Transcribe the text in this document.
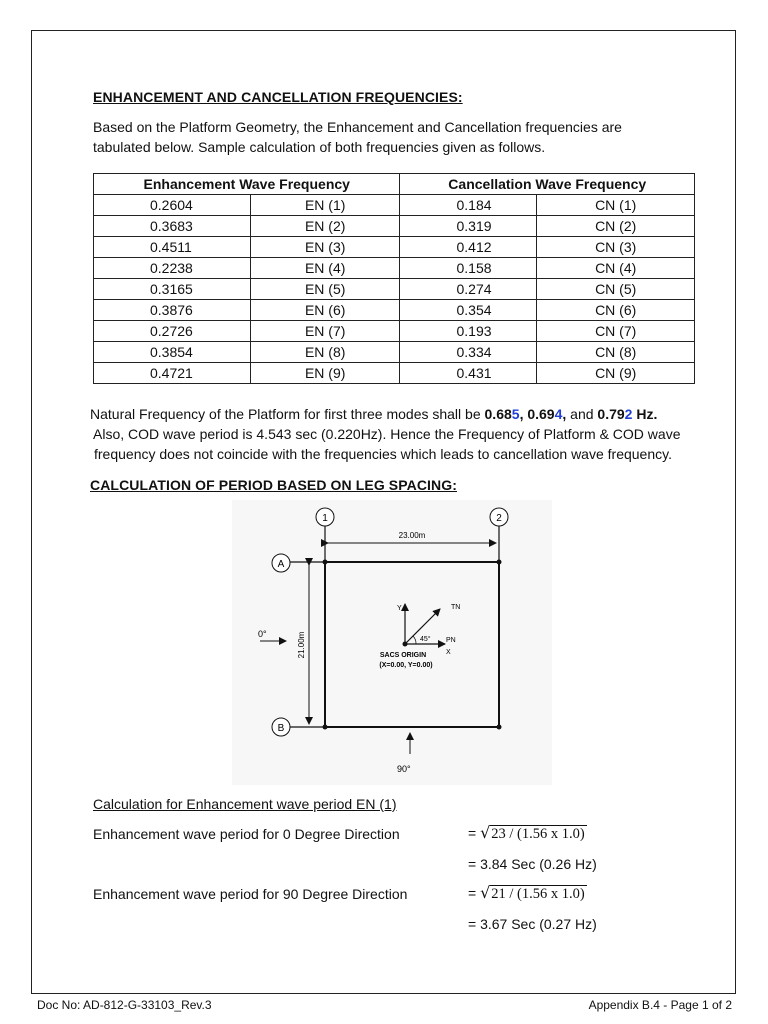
ENHANCEMENT AND CANCELLATION FREQUENCIES:
Based on the Platform Geometry, the Enhancement and Cancellation frequencies are
tabulated below. Sample calculation of both frequencies given as follows.
Enhancement Wave Frequency		Cancellation Wave Frequency	
0.2604	EN (1)	0.184	CN (1)
0.3683	EN (2)	0.319	CN (2)
0.4511	EN (3)	0.412	CN (3)
0.2238	EN (4)	0.158	CN (4)
0.3165	EN (5)	0.274	CN (5)
0.3876	EN (6)	0.354	CN (6)
0.2726	EN (7)	0.193	CN (7)
0.3854	EN (8)	0.334	CN (8)
0.4721	EN (9)	0.431	CN (9)
Natural Frequency of the Platform for first three modes shall be 0.685, 0.694, and 0.792 Hz.
Also, COD wave period is 4.543 sec (0.220Hz). Hence the Frequency of Platform & COD wave
frequency does not coincide with the frequencies which leads to cancellation wave frequency.
CALCULATION OF PERIOD BASED ON LEG SPACING:
1	2
A
B
23.00m
21.00m
Y
X
PN
TN
45°
SACS ORIGIN
(X=0.00, Y=0.00)
0°
90°
Calculation for Enhancement wave period EN (1)
Enhancement wave period for 0 Degree Direction	= √23 / (1.56 x 1.0)
= 3.84 Sec (0.26 Hz)
Enhancement wave period for 90 Degree Direction	= √21 / (1.56 x 1.0)
= 3.67 Sec (0.27 Hz)
Doc No: AD-812-G-33103_Rev.3	Appendix B.4 - Page 1 of 2
